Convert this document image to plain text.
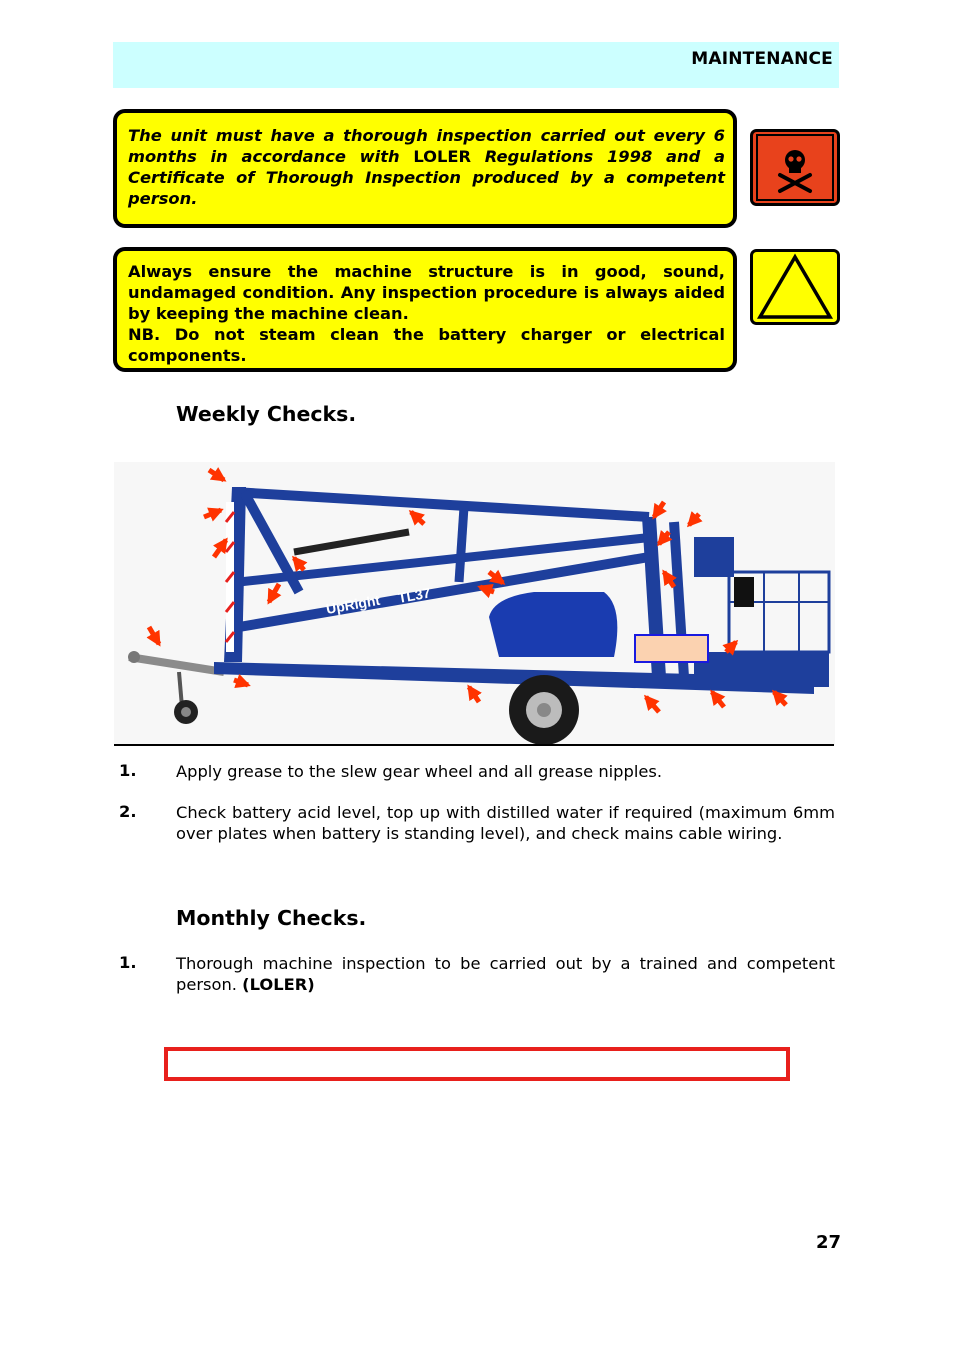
MAINTENANCE

The unit must have a thorough inspection carried out every 6 months in accordance with LOLER Regulations 1998 and a Certificate of Thorough Inspection produced by a competent person.

Always ensure the machine structure is in good, sound, undamaged condition. Any inspection procedure is always aided by keeping the machine clean.

NB. Do not steam clean the battery charger or electrical components.

Weekly Checks.
UpRight TL37
1. Apply grease to the slew gear wheel and all grease nipples.
2. Check battery acid level, top up with distilled water if required (maximum 6mm over plates when battery is standing level), and check mains cable wiring.
Monthly Checks.
1. Thorough machine inspection to be carried out by a trained and competent person. (LOLER)
27
